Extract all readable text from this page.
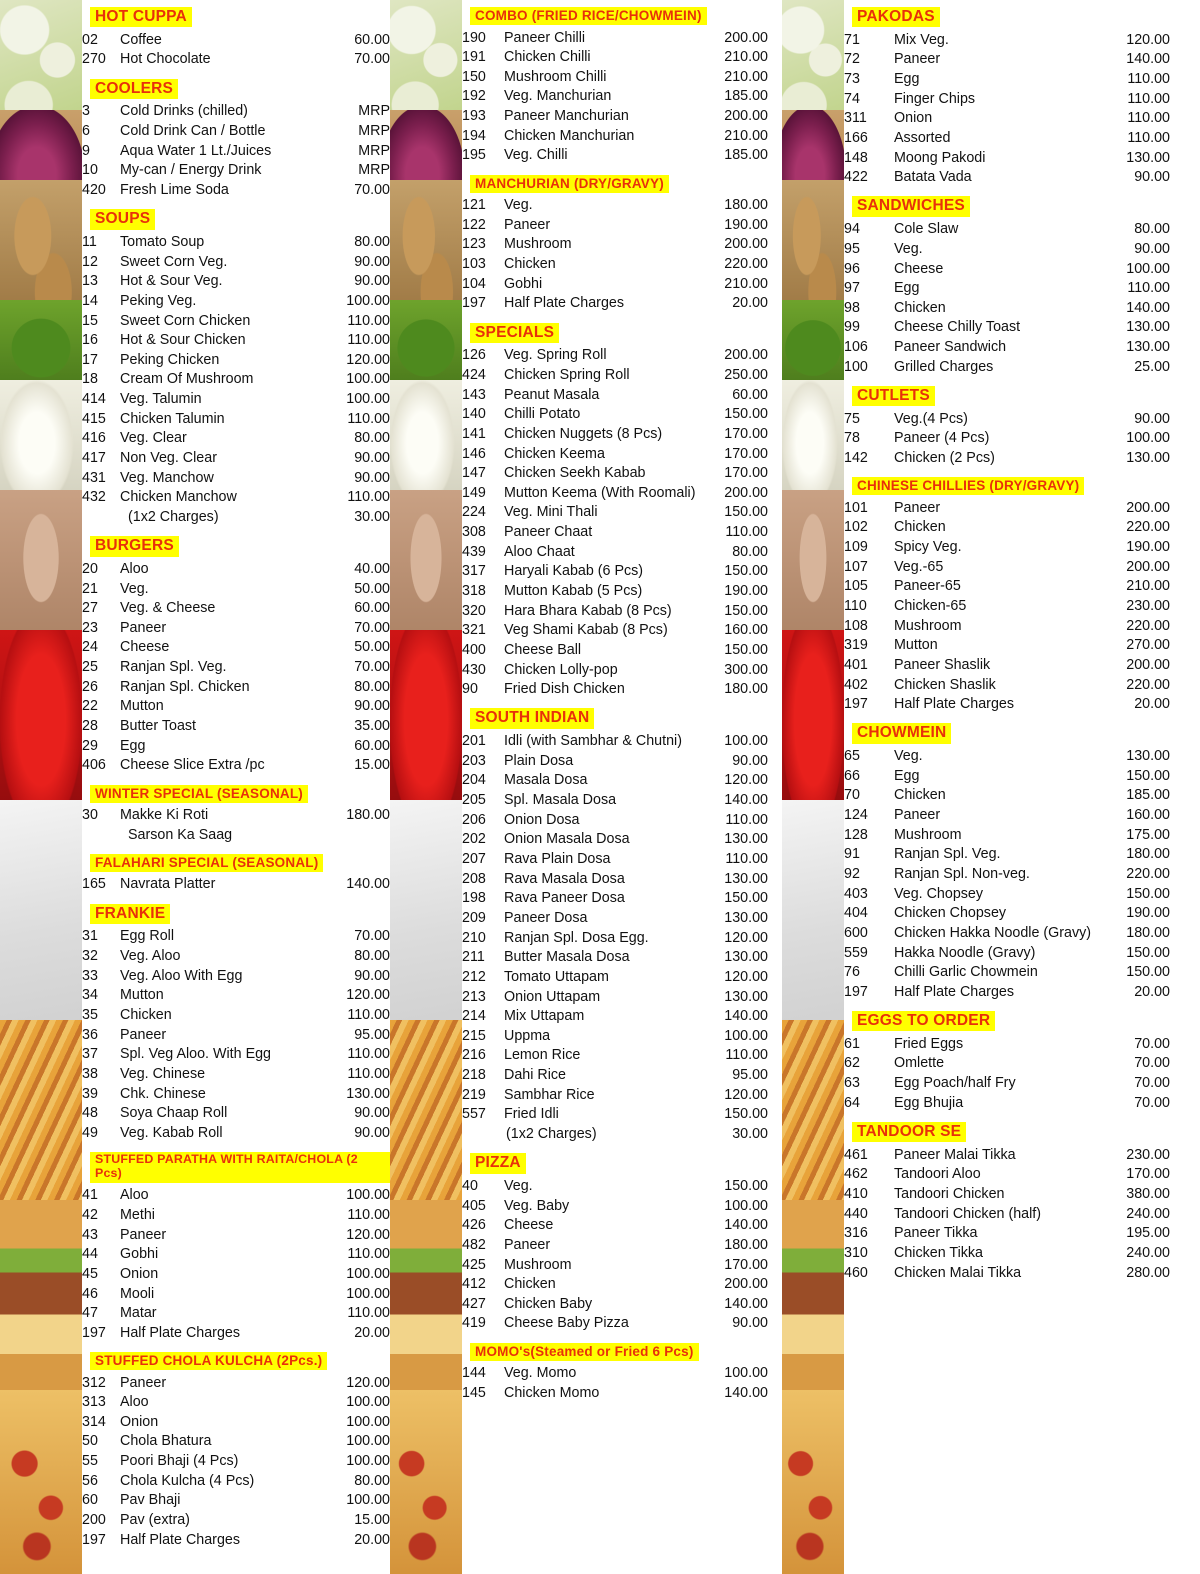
HOT CUPPA
02	Coffee	60.00
270	Hot Chocolate	70.00
COOLERS
3	Cold Drinks (chilled)	MRP
6	Cold Drink Can / Bottle	MRP
9	Aqua Water 1 Lt./Juices	MRP
10	My-can / Energy Drink	MRP
420	Fresh Lime Soda	70.00
SOUPS
11	Tomato Soup	80.00
12	Sweet Corn Veg.	90.00
13	Hot & Sour Veg.	90.00
14	Peking Veg.	100.00
15	Sweet Corn Chicken	110.00
16	Hot & Sour Chicken	110.00
17	Peking Chicken	120.00
18	Cream Of Mushroom	100.00
414	Veg. Talumin	100.00
415	Chicken Talumin	110.00
416	Veg. Clear	80.00
417	Non Veg. Clear	90.00
431	Veg. Manchow	90.00
432	Chicken Manchow	110.00
	(1x2 Charges)	30.00
BURGERS
20	Aloo	40.00
21	Veg.	50.00
27	Veg. & Cheese	60.00
23	Paneer	70.00
24	Cheese	50.00
25	Ranjan Spl. Veg.	70.00
26	Ranjan Spl. Chicken	80.00
22	Mutton	90.00
28	Butter Toast	35.00
29	Egg	60.00
406	Cheese Slice Extra /pc	15.00
WINTER SPECIAL (SEASONAL)
30	Makke Ki Roti	180.00
	Sarson Ka Saag	
FALAHARI SPECIAL (SEASONAL)
165	Navrata Platter	140.00
FRANKIE
31	Egg Roll	70.00
32	Veg. Aloo	80.00
33	Veg. Aloo With Egg	90.00
34	Mutton	120.00
35	Chicken	110.00
36	Paneer	95.00
37	Spl. Veg Aloo. With Egg	110.00
38	Veg. Chinese	110.00
39	Chk. Chinese	130.00
48	Soya Chaap Roll	90.00
49	Veg. Kabab Roll	90.00
STUFFED PARATHA WITH RAITA/CHOLA (2 Pcs)
41	Aloo	100.00
42	Methi	110.00
43	Paneer	120.00
44	Gobhi	110.00
45	Onion	100.00
46	Mooli	100.00
47	Matar	110.00
197	Half Plate Charges	20.00
STUFFED CHOLA KULCHA (2Pcs.)
312	Paneer	120.00
313	Aloo	100.00
314	Onion	100.00
50	Chola Bhatura	100.00
55	Poori Bhaji (4 Pcs)	100.00
56	Chola Kulcha (4 Pcs)	80.00
60	Pav Bhaji	100.00
200	Pav (extra)	15.00
197	Half Plate Charges	20.00
COMBO (FRIED RICE/CHOWMEIN)
190	Paneer Chilli	200.00
191	Chicken Chilli	210.00
150	Mushroom Chilli	210.00
192	Veg. Manchurian	185.00
193	Paneer Manchurian	200.00
194	Chicken Manchurian	210.00
195	Veg. Chilli	185.00
MANCHURIAN (DRY/GRAVY)
121	Veg.	180.00
122	Paneer	190.00
123	Mushroom	200.00
103	Chicken	220.00
104	Gobhi	210.00
197	Half Plate Charges	20.00
SPECIALS
126	Veg. Spring Roll	200.00
424	Chicken Spring Roll	250.00
143	Peanut Masala	60.00
140	Chilli Potato	150.00
141	Chicken Nuggets (8 Pcs)	170.00
146	Chicken Keema	170.00
147	Chicken Seekh Kabab	170.00
149	Mutton Keema (With Roomali)	200.00
224	Veg. Mini Thali	150.00
308	Paneer Chaat	110.00
439	Aloo Chaat	80.00
317	Haryali Kabab (6 Pcs)	150.00
318	Mutton Kabab (5 Pcs)	190.00
320	Hara Bhara Kabab (8 Pcs)	150.00
321	Veg Shami Kabab (8 Pcs)	160.00
400	Cheese Ball	150.00
430	Chicken Lolly-pop	300.00
90	Fried Dish Chicken	180.00
SOUTH INDIAN
201	Idli (with Sambhar & Chutni)	100.00
203	Plain Dosa	90.00
204	Masala Dosa	120.00
205	Spl. Masala Dosa	140.00
206	Onion Dosa	110.00
202	Onion Masala Dosa	130.00
207	Rava Plain Dosa	110.00
208	Rava Masala Dosa	130.00
198	Rava Paneer Dosa	150.00
209	Paneer Dosa	130.00
210	Ranjan Spl. Dosa Egg.	120.00
211	Butter Masala Dosa	130.00
212	Tomato Uttapam	120.00
213	Onion Uttapam	130.00
214	Mix Uttapam	140.00
215	Uppma	100.00
216	Lemon Rice	110.00
218	Dahi Rice	95.00
219	Sambhar Rice	120.00
557	Fried Idli	150.00
	(1x2 Charges)	30.00
PIZZA
40	Veg.	150.00
405	Veg. Baby	100.00
426	Cheese	140.00
482	Paneer	180.00
425	Mushroom	170.00
412	Chicken	200.00
427	Chicken Baby	140.00
419	Cheese Baby Pizza	90.00
MOMO's(Steamed or Fried 6 Pcs)
144	Veg. Momo	100.00
145	Chicken Momo	140.00
PAKODAS
71	Mix Veg.	120.00
72	Paneer	140.00
73	Egg	110.00
74	Finger Chips	110.00
311	Onion	110.00
166	Assorted	110.00
148	Moong Pakodi	130.00
422	Batata Vada	90.00
SANDWICHES
94	Cole Slaw	80.00
95	Veg.	90.00
96	Cheese	100.00
97	Egg	110.00
98	Chicken	140.00
99	Cheese Chilly Toast	130.00
106	Paneer Sandwich	130.00
100	Grilled Charges	25.00
CUTLETS
75	Veg.(4 Pcs)	90.00
78	Paneer (4 Pcs)	100.00
142	Chicken (2 Pcs)	130.00
CHINESE CHILLIES (DRY/GRAVY)
101	Paneer	200.00
102	Chicken	220.00
109	Spicy Veg.	190.00
107	Veg.-65	200.00
105	Paneer-65	210.00
110	Chicken-65	230.00
108	Mushroom	220.00
319	Mutton	270.00
401	Paneer Shaslik	200.00
402	Chicken Shaslik	220.00
197	Half Plate Charges	20.00
CHOWMEIN
65	Veg.	130.00
66	Egg	150.00
70	Chicken	185.00
124	Paneer	160.00
128	Mushroom	175.00
91	Ranjan Spl. Veg.	180.00
92	Ranjan Spl. Non-veg.	220.00
403	Veg. Chopsey	150.00
404	Chicken Chopsey	190.00
600	Chicken Hakka Noodle (Gravy)	180.00
559	Hakka Noodle (Gravy)	150.00
76	Chilli Garlic Chowmein	150.00
197	Half Plate Charges	20.00
EGGS TO ORDER
61	Fried Eggs	70.00
62	Omlette	70.00
63	Egg Poach/half Fry	70.00
64	Egg Bhujia	70.00
TANDOOR SE
461	Paneer Malai Tikka	230.00
462	Tandoori Aloo	170.00
410	Tandoori Chicken	380.00
440	Tandoori Chicken (half)	240.00
316	Paneer Tikka	195.00
310	Chicken Tikka	240.00
460	Chicken Malai Tikka	280.00
